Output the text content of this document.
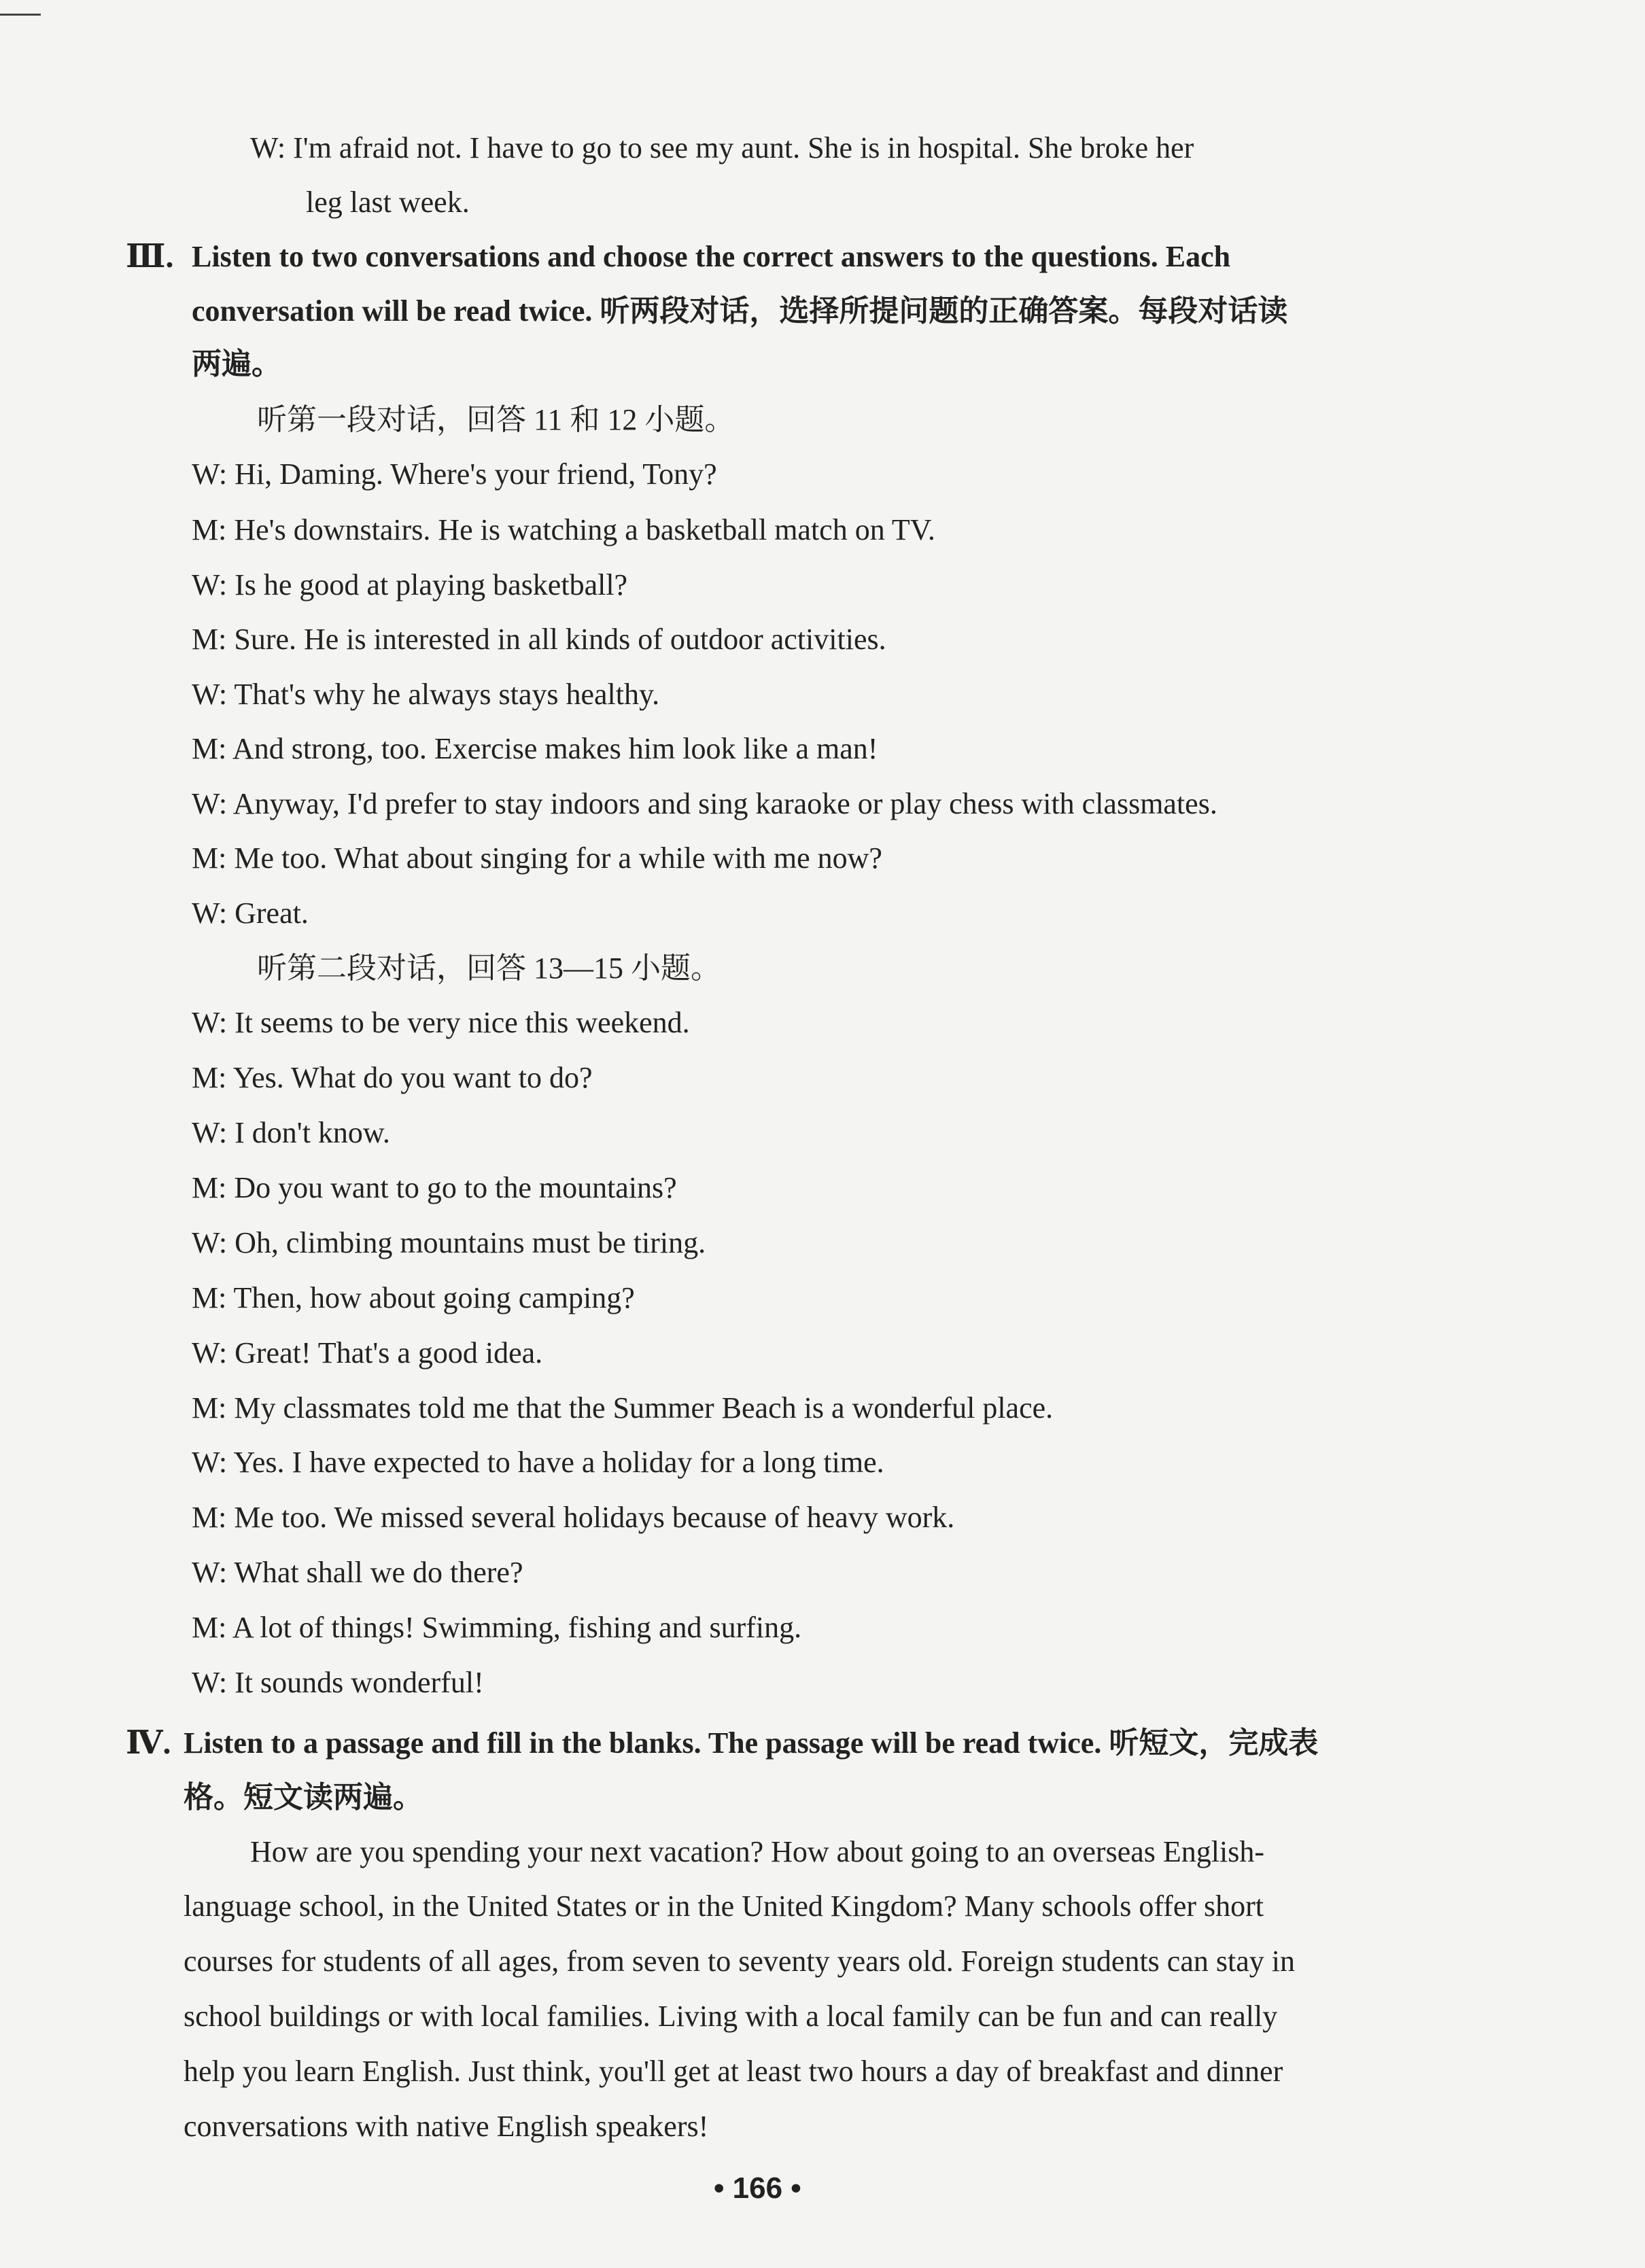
W: I'm afraid not. I have to go to see my aunt. She is in hospital. She broke her
leg last week.
Ⅲ. Listen to two conversations and choose the correct answers to the questions. Each
conversation will be read twice. 听两段对话，选择所提问题的正确答案。每段对话读
两遍。
听第一段对话，回答 11 和 12 小题。
W: Hi, Daming. Where's your friend, Tony?
M: He's downstairs. He is watching a basketball match on TV.
W: Is he good at playing basketball?
M: Sure. He is interested in all kinds of outdoor activities.
W: That's why he always stays healthy.
M: And strong, too. Exercise makes him look like a man!
W: Anyway, I'd prefer to stay indoors and sing karaoke or play chess with classmates.
M: Me too. What about singing for a while with me now?
W: Great.
听第二段对话，回答 13—15 小题。
W: It seems to be very nice this weekend.
M: Yes. What do you want to do?
W: I don't know.
M: Do you want to go to the mountains?
W: Oh, climbing mountains must be tiring.
M: Then, how about going camping?
W: Great! That's a good idea.
M: My classmates told me that the Summer Beach is a wonderful place.
W: Yes. I have expected to have a holiday for a long time.
M: Me too. We missed several holidays because of heavy work.
W: What shall we do there?
M: A lot of things! Swimming, fishing and surfing.
W: It sounds wonderful!
Ⅳ. Listen to a passage and fill in the blanks. The passage will be read twice. 听短文，完成表
格。短文读两遍。
How are you spending your next vacation? How about going to an overseas English-
language school, in the United States or in the United Kingdom? Many schools offer short
courses for students of all ages, from seven to seventy years old. Foreign students can stay in
school buildings or with local families. Living with a local family can be fun and can really
help you learn English. Just think, you'll get at least two hours a day of breakfast and dinner
conversations with native English speakers!
• 166 •
